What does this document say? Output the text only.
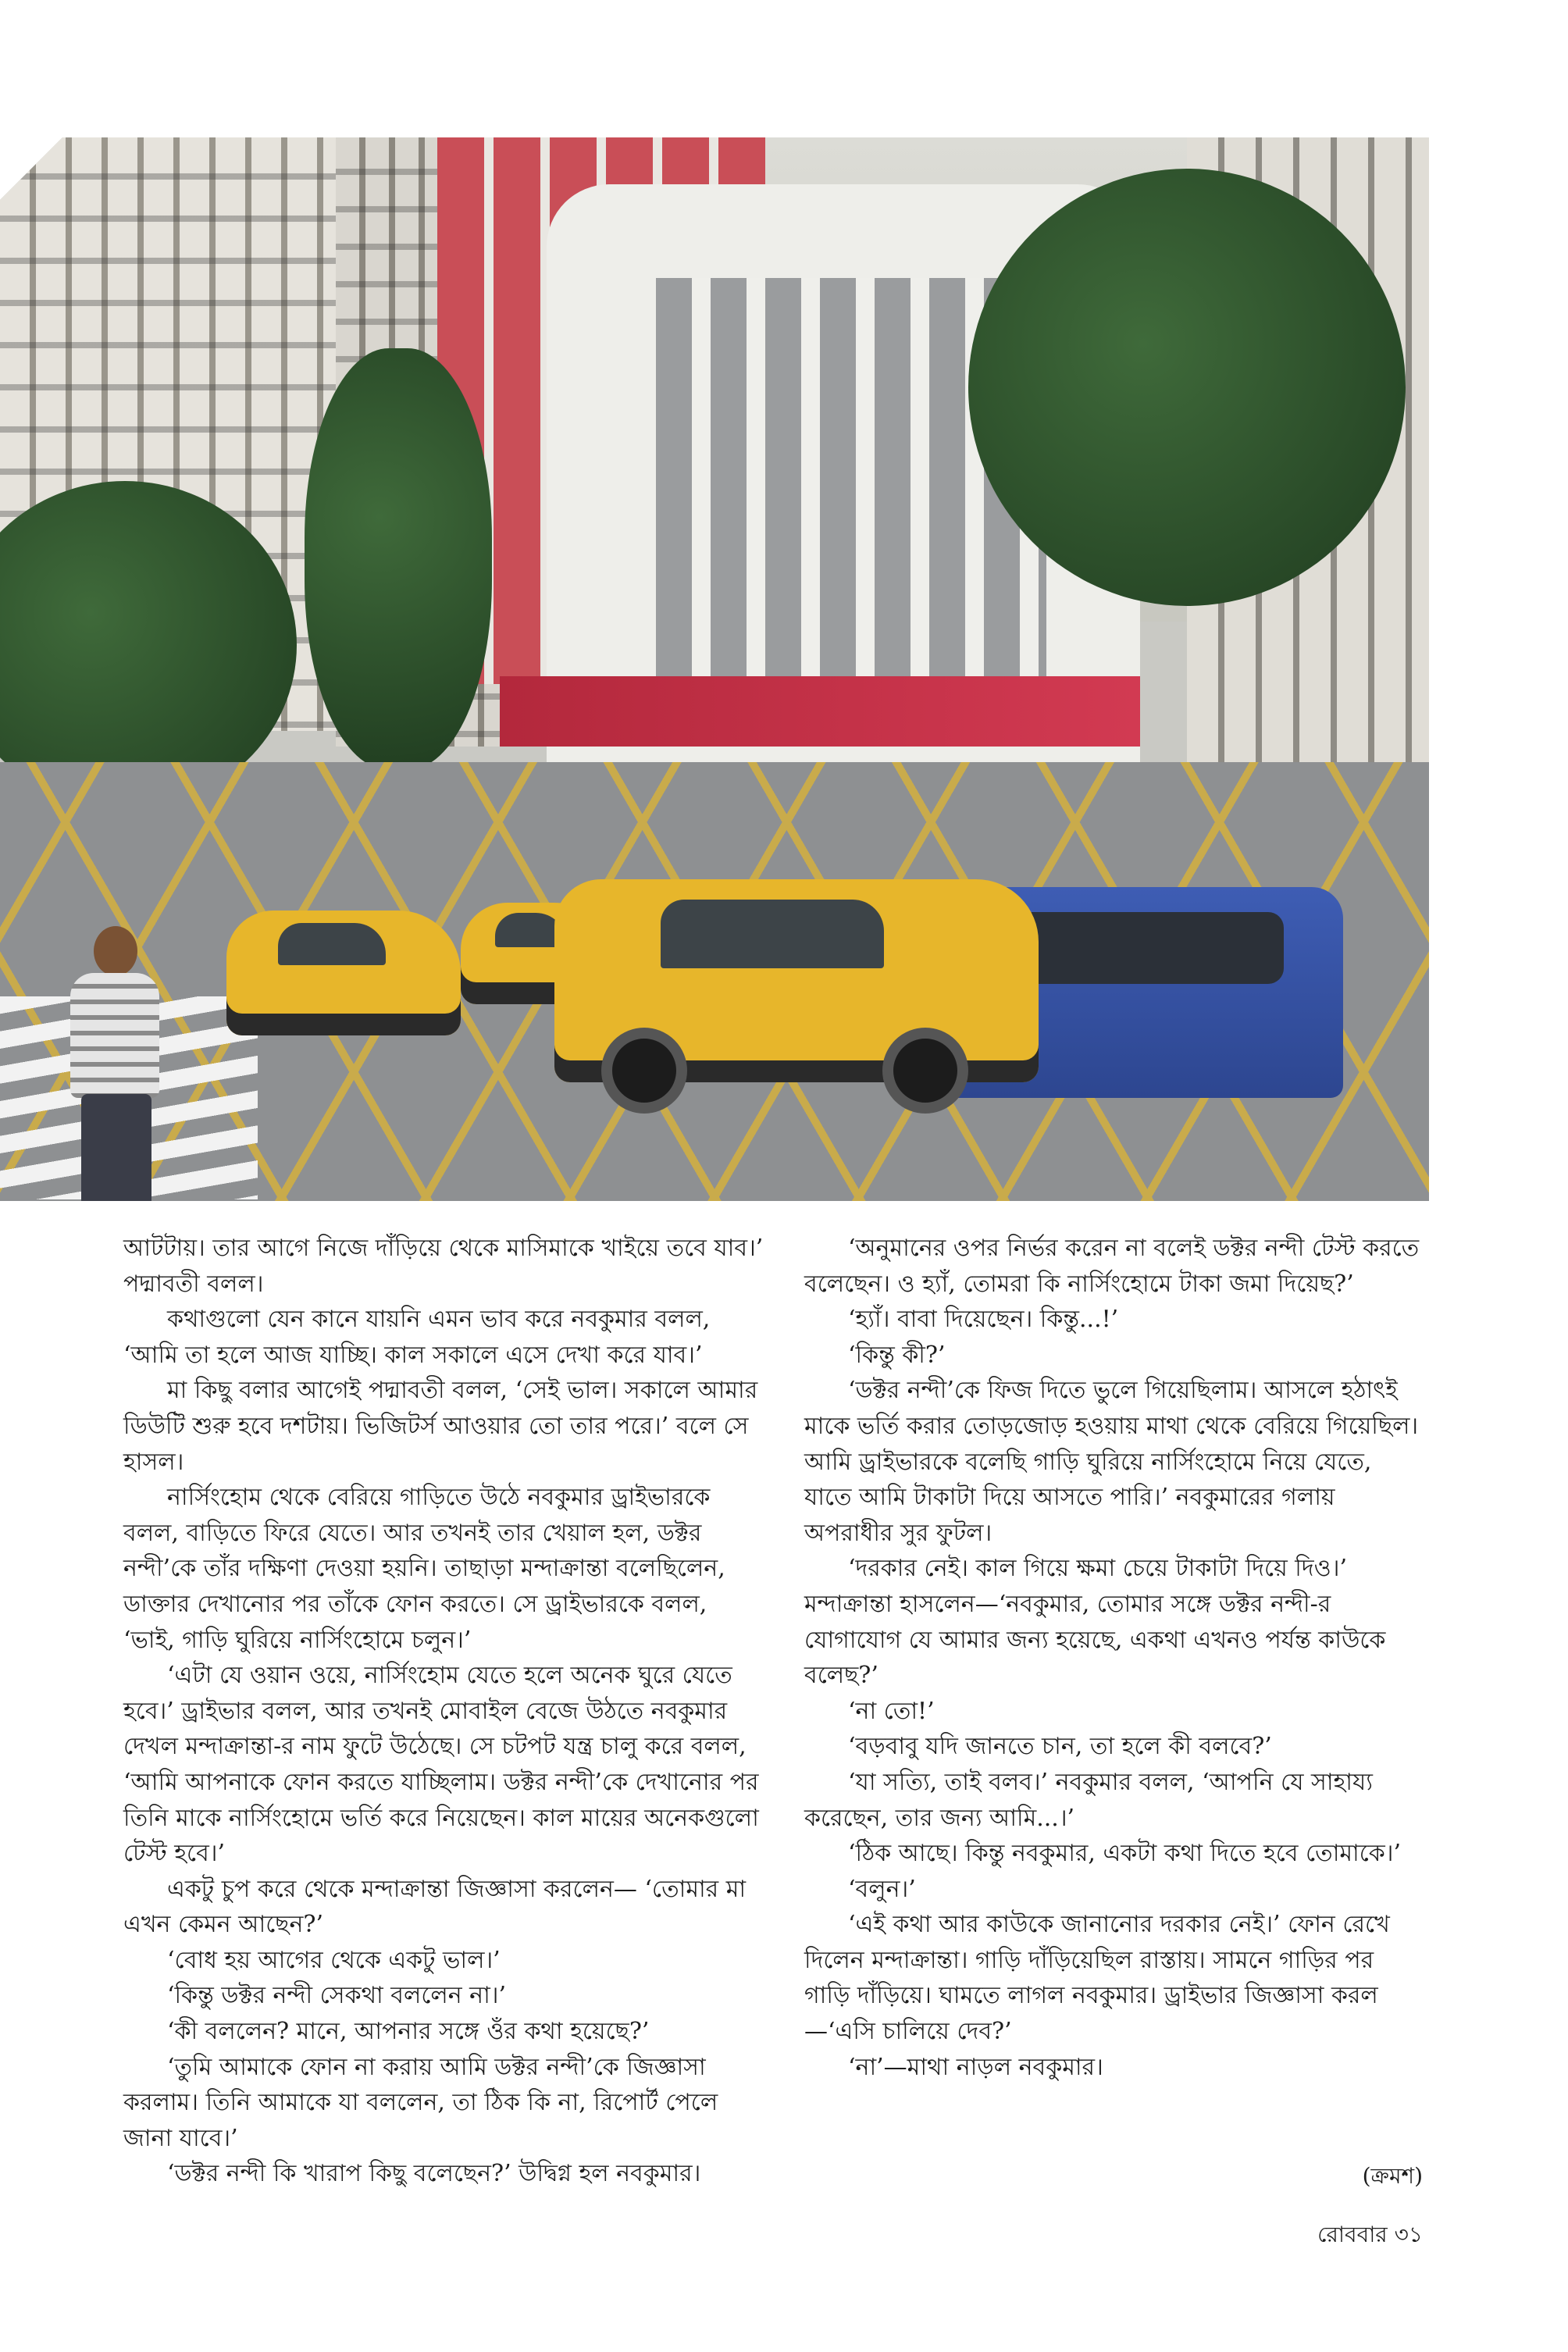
আটটায়। তার আগে নিজে দাঁড়িয়ে থেকে মাসিমাকে খাইয়ে তবে যাব।’ পদ্মাবতী বলল।

কথাগুলো যেন কানে যায়নি এমন ভাব করে নবকুমার বলল, ‘আমি তা হলে আজ যাচ্ছি। কাল সকালে এসে দেখা করে যাব।’

মা কিছু বলার আগেই পদ্মাবতী বলল, ‘সেই ভাল। সকালে আমার ডিউটি শুরু হবে দশটায়। ভিজিটর্স আওয়ার তো তার পরে।’ বলে সে হাসল।

নার্সিংহোম থেকে বেরিয়ে গাড়িতে উঠে নবকুমার ড্রাইভারকে বলল, বাড়িতে ফিরে যেতে। আর তখনই তার খেয়াল হল, ডক্টর নন্দী’কে তাঁর দক্ষিণা দেওয়া হয়নি। তাছাড়া মন্দাক্রান্তা বলেছিলেন, ডাক্তার দেখানোর পর তাঁকে ফোন করতে। সে ড্রাইভারকে বলল, ‘ভাই, গাড়ি ঘুরিয়ে নার্সিংহোমে চলুন।’

‘এটা যে ওয়ান ওয়ে, নার্সিংহোম যেতে হলে অনেক ঘুরে যেতে হবে।’ ড্রাইভার বলল, আর তখনই মোবাইল বেজে উঠতে নবকুমার দেখল মন্দাক্রান্তা-র নাম ফুটে উঠেছে। সে চটপট যন্ত্র চালু করে বলল, ‘আমি আপনাকে ফোন করতে যাচ্ছিলাম। ডক্টর নন্দী’কে দেখানোর পর তিনি মাকে নার্সিংহোমে ভর্তি করে নিয়েছেন। কাল মায়ের অনেকগুলো টেস্ট হবে।’

একটু চুপ করে থেকে মন্দাক্রান্তা জিজ্ঞাসা করলেন— ‘তোমার মা এখন কেমন আছেন?’

‘বোধ হয় আগের থেকে একটু ভাল।’

‘কিন্তু ডক্টর নন্দী সেকথা বললেন না।’

‘কী বললেন? মানে, আপনার সঙ্গে ওঁর কথা হয়েছে?’

‘তুমি আমাকে ফোন না করায় আমি ডক্টর নন্দী’কে জিজ্ঞাসা করলাম। তিনি আমাকে যা বললেন, তা ঠিক কি না, রিপোর্ট পেলে জানা যাবে।’

‘ডক্টর নন্দী কি খারাপ কিছু বলেছেন?’ উদ্বিগ্ন হল নবকুমার।

‘অনুমানের ওপর নির্ভর করেন না বলেই ডক্টর নন্দী টেস্ট করতে বলেছেন। ও হ্যাঁ, তোমরা কি নার্সিংহোমে টাকা জমা দিয়েছ?’

‘হ্যাঁ। বাবা দিয়েছেন। কিন্তু...!’

‘কিন্তু কী?’

‘ডক্টর নন্দী’কে ফিজ দিতে ভুলে গিয়েছিলাম। আসলে হঠাৎই মাকে ভর্তি করার তোড়জোড় হওয়ায় মাথা থেকে বেরিয়ে গিয়েছিল। আমি ড্রাইভারকে বলেছি গাড়ি ঘুরিয়ে নার্সিংহোমে নিয়ে যেতে, যাতে আমি টাকাটা দিয়ে আসতে পারি।’ নবকুমারের গলায় অপরাধীর সুর ফুটল।

‘দরকার নেই। কাল গিয়ে ক্ষমা চেয়ে টাকাটা দিয়ে দিও।’ মন্দাক্রান্তা হাসলেন—‘নবকুমার, তোমার সঙ্গে ডক্টর নন্দী-র যোগাযোগ যে আমার জন্য হয়েছে, একথা এখনও পর্যন্ত কাউকে বলেছ?’

‘না তো!’

‘বড়বাবু যদি জানতে চান, তা হলে কী বলবে?’

‘যা সত্যি, তাই বলব।’ নবকুমার বলল, ‘আপনি যে সাহায্য করেছেন, তার জন্য আমি...।’

‘ঠিক আছে। কিন্তু নবকুমার, একটা কথা দিতে হবে তোমাকে।’

‘বলুন।’

‘এই কথা আর কাউকে জানানোর দরকার নেই।’ ফোন রেখে দিলেন মন্দাক্রান্তা। গাড়ি দাঁড়িয়েছিল রাস্তায়। সামনে গাড়ির পর গাড়ি দাঁড়িয়ে। ঘামতে লাগল নবকুমার। ড্রাইভার জিজ্ঞাসা করল—‘এসি চালিয়ে দেব?’

‘না’—মাথা নাড়ল নবকুমার।

(ক্রমশ)
রোববার ৩১
